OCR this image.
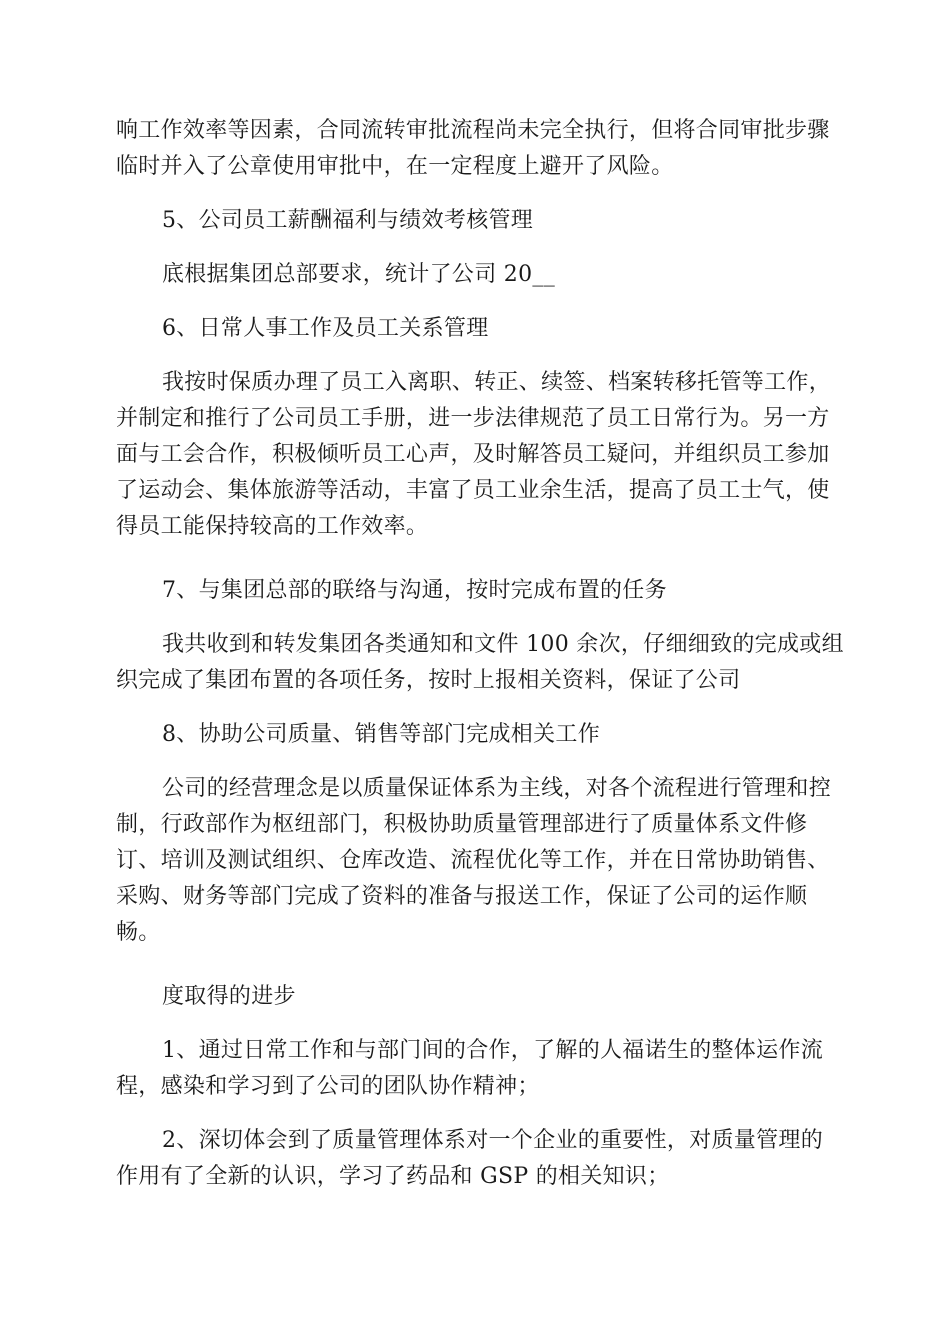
响工作效率等因素，合同流转审批流程尚未完全执行，但将合同审批步骤
临时并入了公章使用审批中，在一定程度上避开了风险。
5、公司员工薪酬福利与绩效考核管理
底根据集团总部要求，统计了公司 20__
6、日常人事工作及员工关系管理
我按时保质办理了员工入离职、转正、续签、档案转移托管等工作，
并制定和推行了公司员工手册，进一步法律规范了员工日常行为。另一方
面与工会合作，积极倾听员工心声，及时解答员工疑问，并组织员工参加
了运动会、集体旅游等活动，丰富了员工业余生活，提高了员工士气，使
得员工能保持较高的工作效率。
7、与集团总部的联络与沟通，按时完成布置的任务
我共收到和转发集团各类通知和文件 100 余次，仔细细致的完成或组
织完成了集团布置的各项任务，按时上报相关资料，保证了公司
8、协助公司质量、销售等部门完成相关工作
公司的经营理念是以质量保证体系为主线，对各个流程进行管理和控
制，行政部作为枢纽部门，积极协助质量管理部进行了质量体系文件修
订、培训及测试组织、仓库改造、流程优化等工作，并在日常协助销售、
采购、财务等部门完成了资料的准备与报送工作，保证了公司的运作顺
畅。
度取得的进步
1、通过日常工作和与部门间的合作，了解的人福诺生的整体运作流
程，感染和学习到了公司的团队协作精神；
2、深切体会到了质量管理体系对一个企业的重要性，对质量管理的
作用有了全新的认识，学习了药品和 GSP 的相关知识；
